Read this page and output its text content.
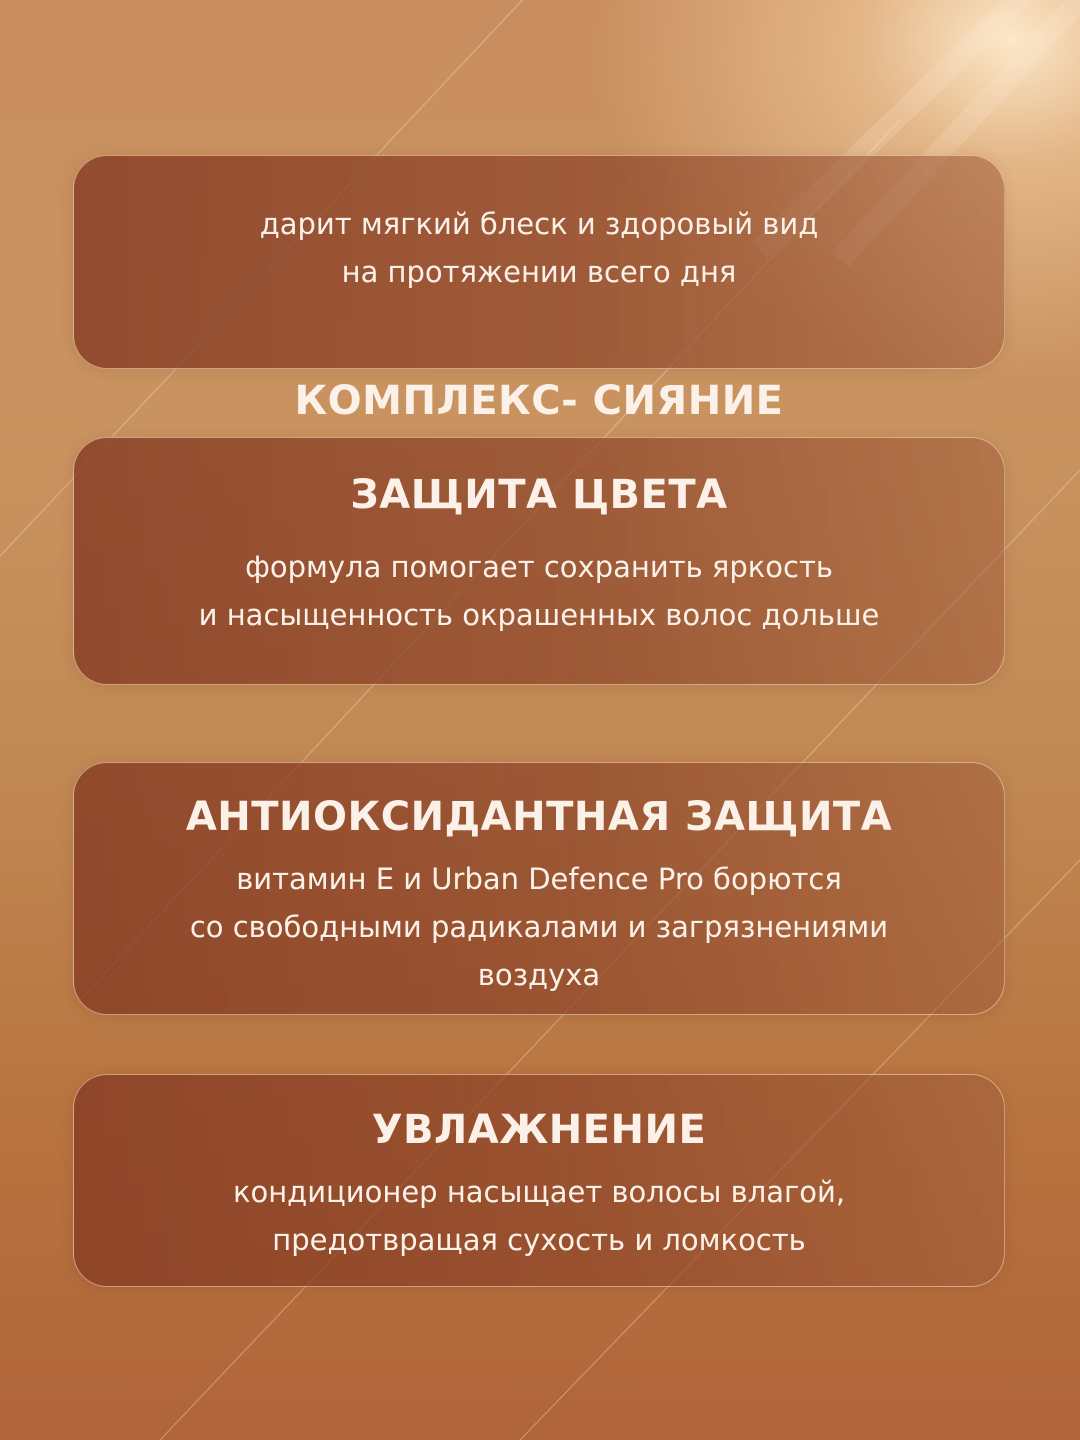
КОМПЛЕКС- СИЯНИЕ

дарит мягкий блеск и здоровый вид
на протяжении всего дня

ЗАЩИТА ЦВЕТА

формула помогает сохранить яркость
и насыщенность окрашенных волос дольше

АНТИОКСИДАНТНАЯ ЗАЩИТА

витамин Е и Urban Defence Pro борются
со свободными радикалами и загрязнениями
воздуха

УВЛАЖНЕНИЕ

кондиционер насыщает волосы влагой,
предотвращая сухость и ломкость
